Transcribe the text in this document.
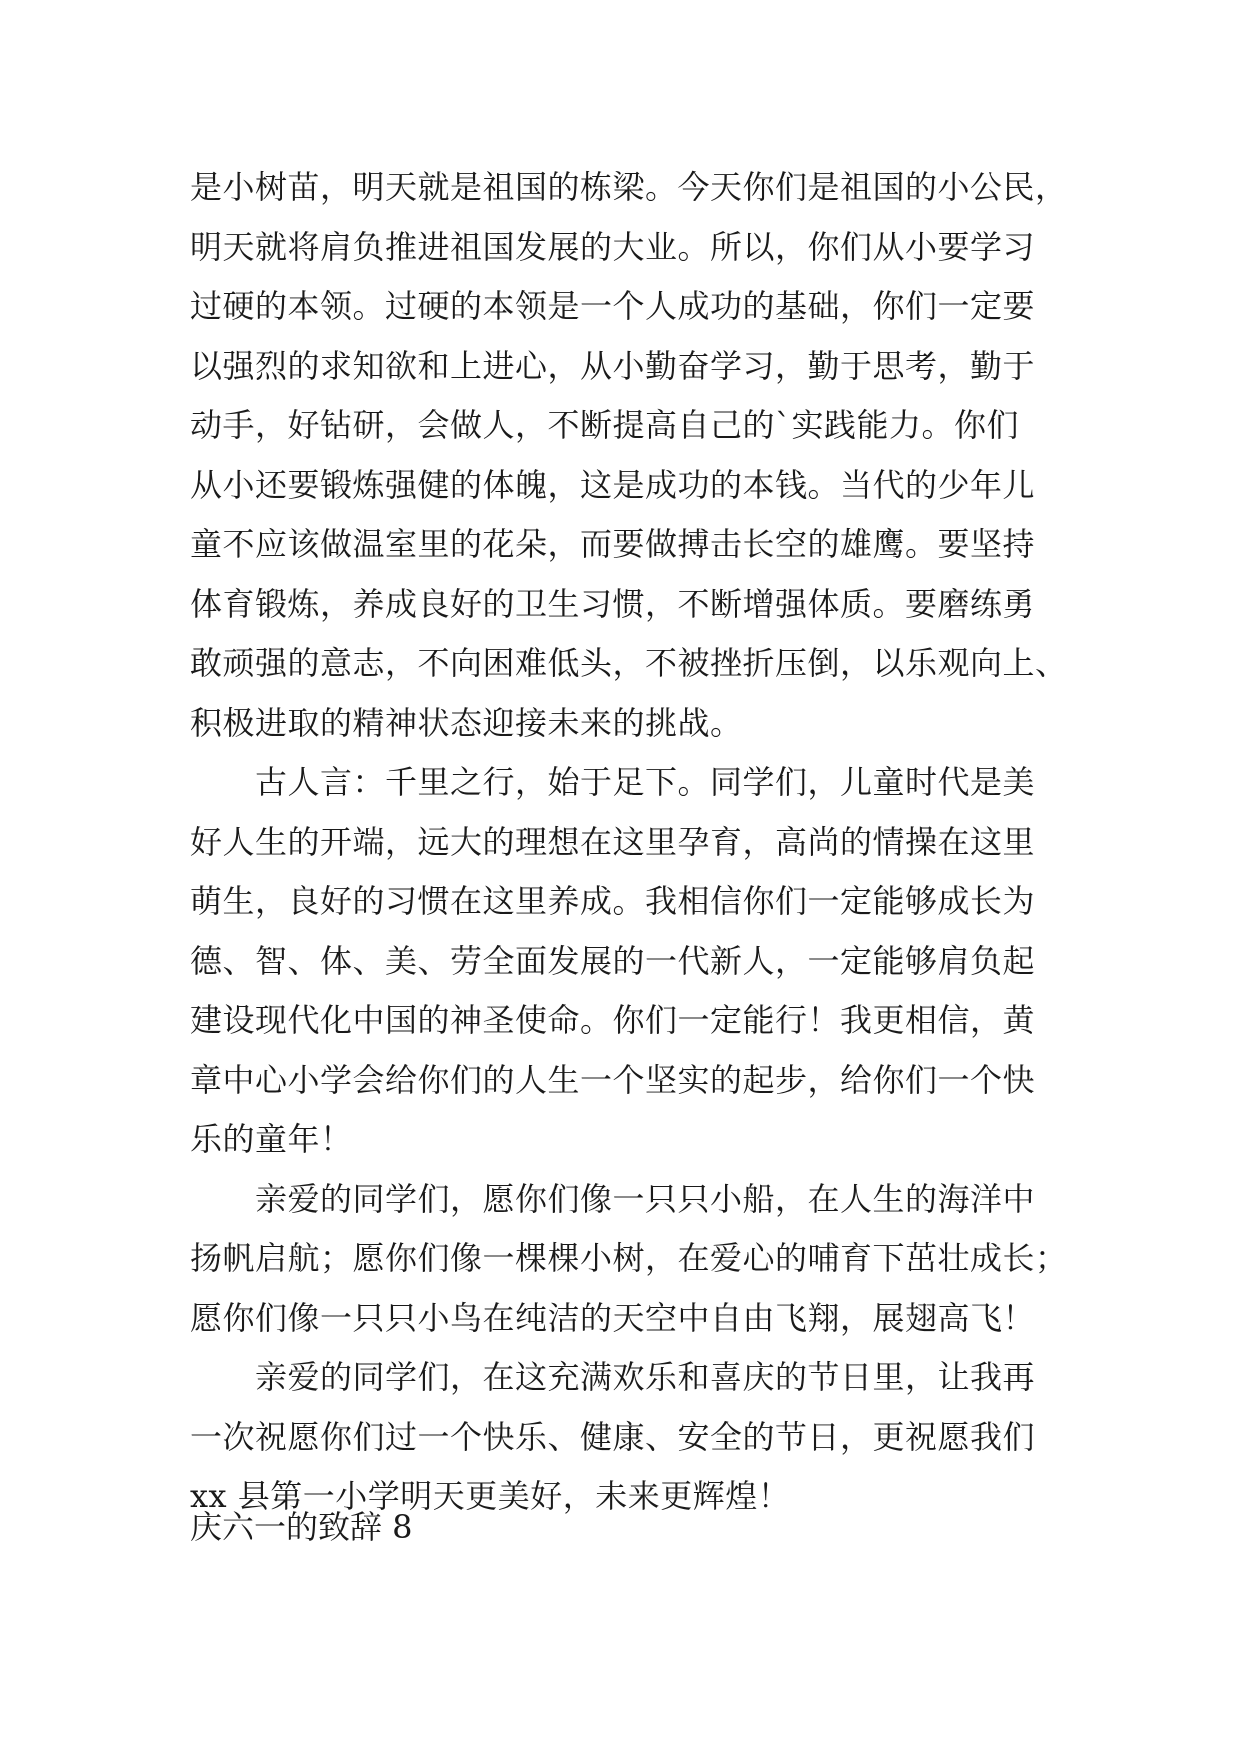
是小树苗，明天就是祖国的栋梁。今天你们是祖国的小公民，
明天就将肩负推进祖国发展的大业。所以，你们从小要学习
过硬的本领。过硬的本领是一个人成功的基础，你们一定要
以强烈的求知欲和上进心，从小勤奋学习，勤于思考，勤于
动手，好钻研，会做人，不断提高自己的`实践能力。你们
从小还要锻炼强健的体魄，这是成功的本钱。当代的少年儿
童不应该做温室里的花朵，而要做搏击长空的雄鹰。要坚持
体育锻炼，养成良好的卫生习惯，不断增强体质。要磨练勇
敢顽强的意志，不向困难低头，不被挫折压倒，以乐观向上、
积极进取的精神状态迎接未来的挑战。
　　古人言：千里之行，始于足下。同学们，儿童时代是美
好人生的开端，远大的理想在这里孕育，高尚的情操在这里
萌生，良好的习惯在这里养成。我相信你们一定能够成长为
德、智、体、美、劳全面发展的一代新人，一定能够肩负起
建设现代化中国的神圣使命。你们一定能行！我更相信，黄
章中心小学会给你们的人生一个坚实的起步，给你们一个快
乐的童年！
　　亲爱的同学们，愿你们像一只只小船，在人生的海洋中
扬帆启航；愿你们像一棵棵小树，在爱心的哺育下茁壮成长；
愿你们像一只只小鸟在纯洁的天空中自由飞翔，展翅高飞！
　　亲爱的同学们，在这充满欢乐和喜庆的节日里，让我再
一次祝愿你们过一个快乐、健康、安全的节日，更祝愿我们
xx 县第一小学明天更美好，未来更辉煌！
庆六一的致辞 8
